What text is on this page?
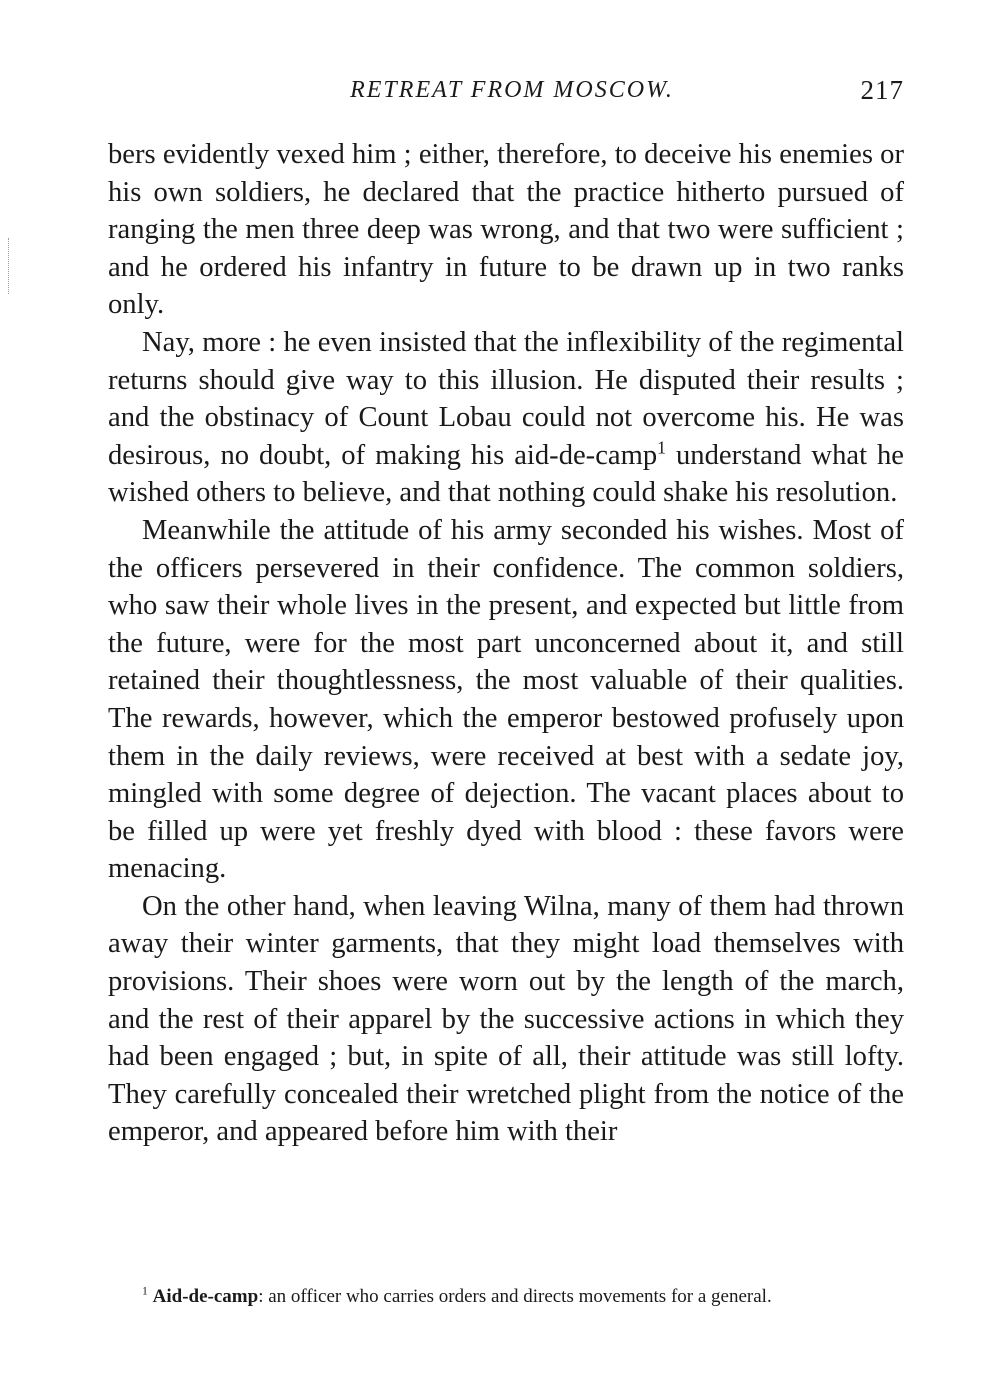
RETREAT FROM MOSCOW.	217

bers evidently vexed him ; either, therefore, to deceive his enemies or his own soldiers, he declared that the practice hitherto pursued of ranging the men three deep was wrong, and that two were sufficient ; and he ordered his infantry in future to be drawn up in two ranks only.

Nay, more : he even insisted that the inflexibility of the regimental returns should give way to this illusion. He disputed their results ; and the obstinacy of Count Lobau could not overcome his. He was desirous, no doubt, of making his aid-de-camp$^1$ understand what he wished others to believe, and that nothing could shake his resolution.

Meanwhile the attitude of his army seconded his wishes. Most of the officers persevered in their confidence. The common soldiers, who saw their whole lives in the present, and expected but little from the future, were for the most part unconcerned about it, and still retained their thoughtlessness, the most valuable of their qualities. The rewards, however, which the emperor bestowed profusely upon them in the daily reviews, were received at best with a sedate joy, mingled with some degree of dejection. The vacant places about to be filled up were yet freshly dyed with blood : these favors were menacing.

On the other hand, when leaving Wilna, many of them had thrown away their winter garments, that they might load themselves with provisions. Their shoes were worn out by the length of the march, and the rest of their apparel by the successive actions in which they had been engaged ; but, in spite of all, their attitude was still lofty. They carefully concealed their wretched plight from the notice of the emperor, and appeared before him with their

$^1$ Aid-de-camp: an officer who carries orders and directs movements for a general.
